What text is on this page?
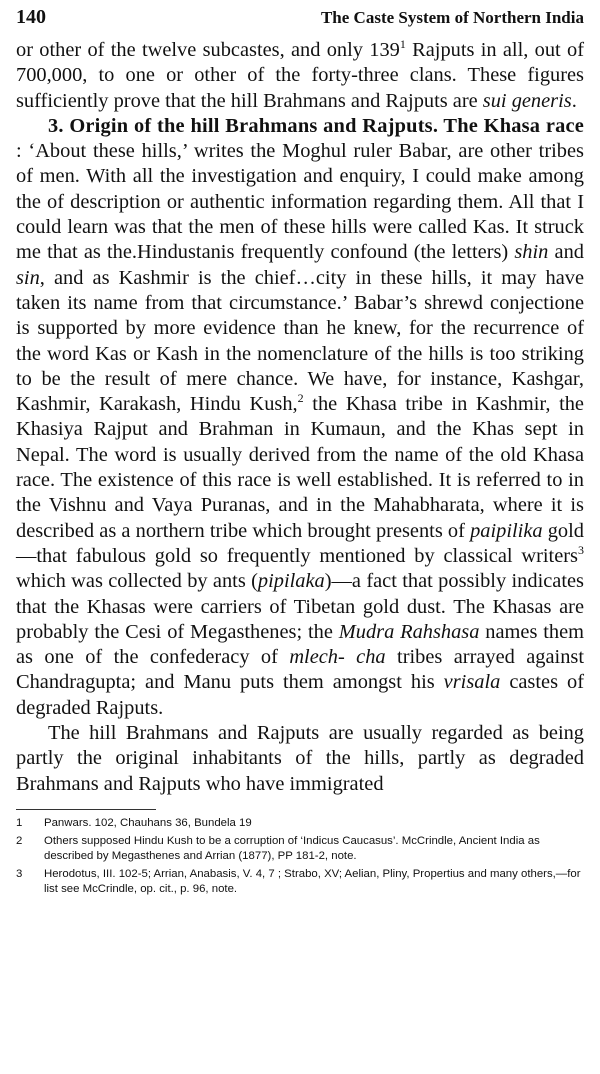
140	The Caste System of Northern India

or other of the twelve subcastes, and only $139^1$ Rajputs in all, out of 700,000, to one or other of the forty-three clans. These figures sufficiently prove that the hill Brahmans and Rajputs are sui generis.

3. Origin of the hill Brahmans and Rajputs. The Khasa race : ‘About these hills,’ writes the Moghul ruler Babar, are other tribes of men. With all the investigation and enquiry, I could make among the of description or authentic information regarding them. All that I could learn was that the men of these hills were called Kas. It struck me that as the.Hindustanis frequently confound (the letters) shin and sin, and as Kashmir is the chief…city in these hills, it may have taken its name from that circumstance.’ Babar’s shrewd conjectione is supported by more evidence than he knew, for the recurrence of the word Kas or Kash in the nomenclature of the hills is too striking to be the result of mere chance. We have, for instance, Kashgar, Kashmir, Karakash, Hindu Kush,$^2$ the Khasa tribe in Kashmir, the Khasiya Rajput and Brahman in Kumaun, and the Khas sept in Nepal. The word is usually derived from the name of the old Khasa race. The existence of this race is well established. It is referred to in the Vishnu and Vaya Puranas, and in the Mahabharata, where it is described as a northern tribe which brought presents of paipilika gold—that fabulous gold so frequently mentioned by classical writers$^3$ which was collected by ants (pipilaka)—a fact that possibly indicates that the Khasas were carriers of Tibetan gold dust. The Khasas are probably the Cesi of Megasthenes; the Mudra Rahshasa names them as one of the confederacy of mlech- cha tribes arrayed against Chandragupta; and Manu puts them amongst his vrisala castes of degraded Rajputs.

The hill Brahmans and Rajputs are usually regarded as being partly the original inhabitants of the hills, partly as degraded Brahmans and Rajputs who have immigrated

1	Panwars. 102, Chauhans 36, Bundela 19
2	Others supposed Hindu Kush to be a corruption of ‘Indicus Caucasus’. McCrindle, Ancient India as described by Megasthenes and Arrian (1877), PP 181-2, note.
3	Herodotus, III. 102-5; Arrian, Anabasis, V. 4, 7 ; Strabo, XV; Aelian, Pliny, Propertius and many others,—for list see McCrindle, op. cit., p. 96, note.
